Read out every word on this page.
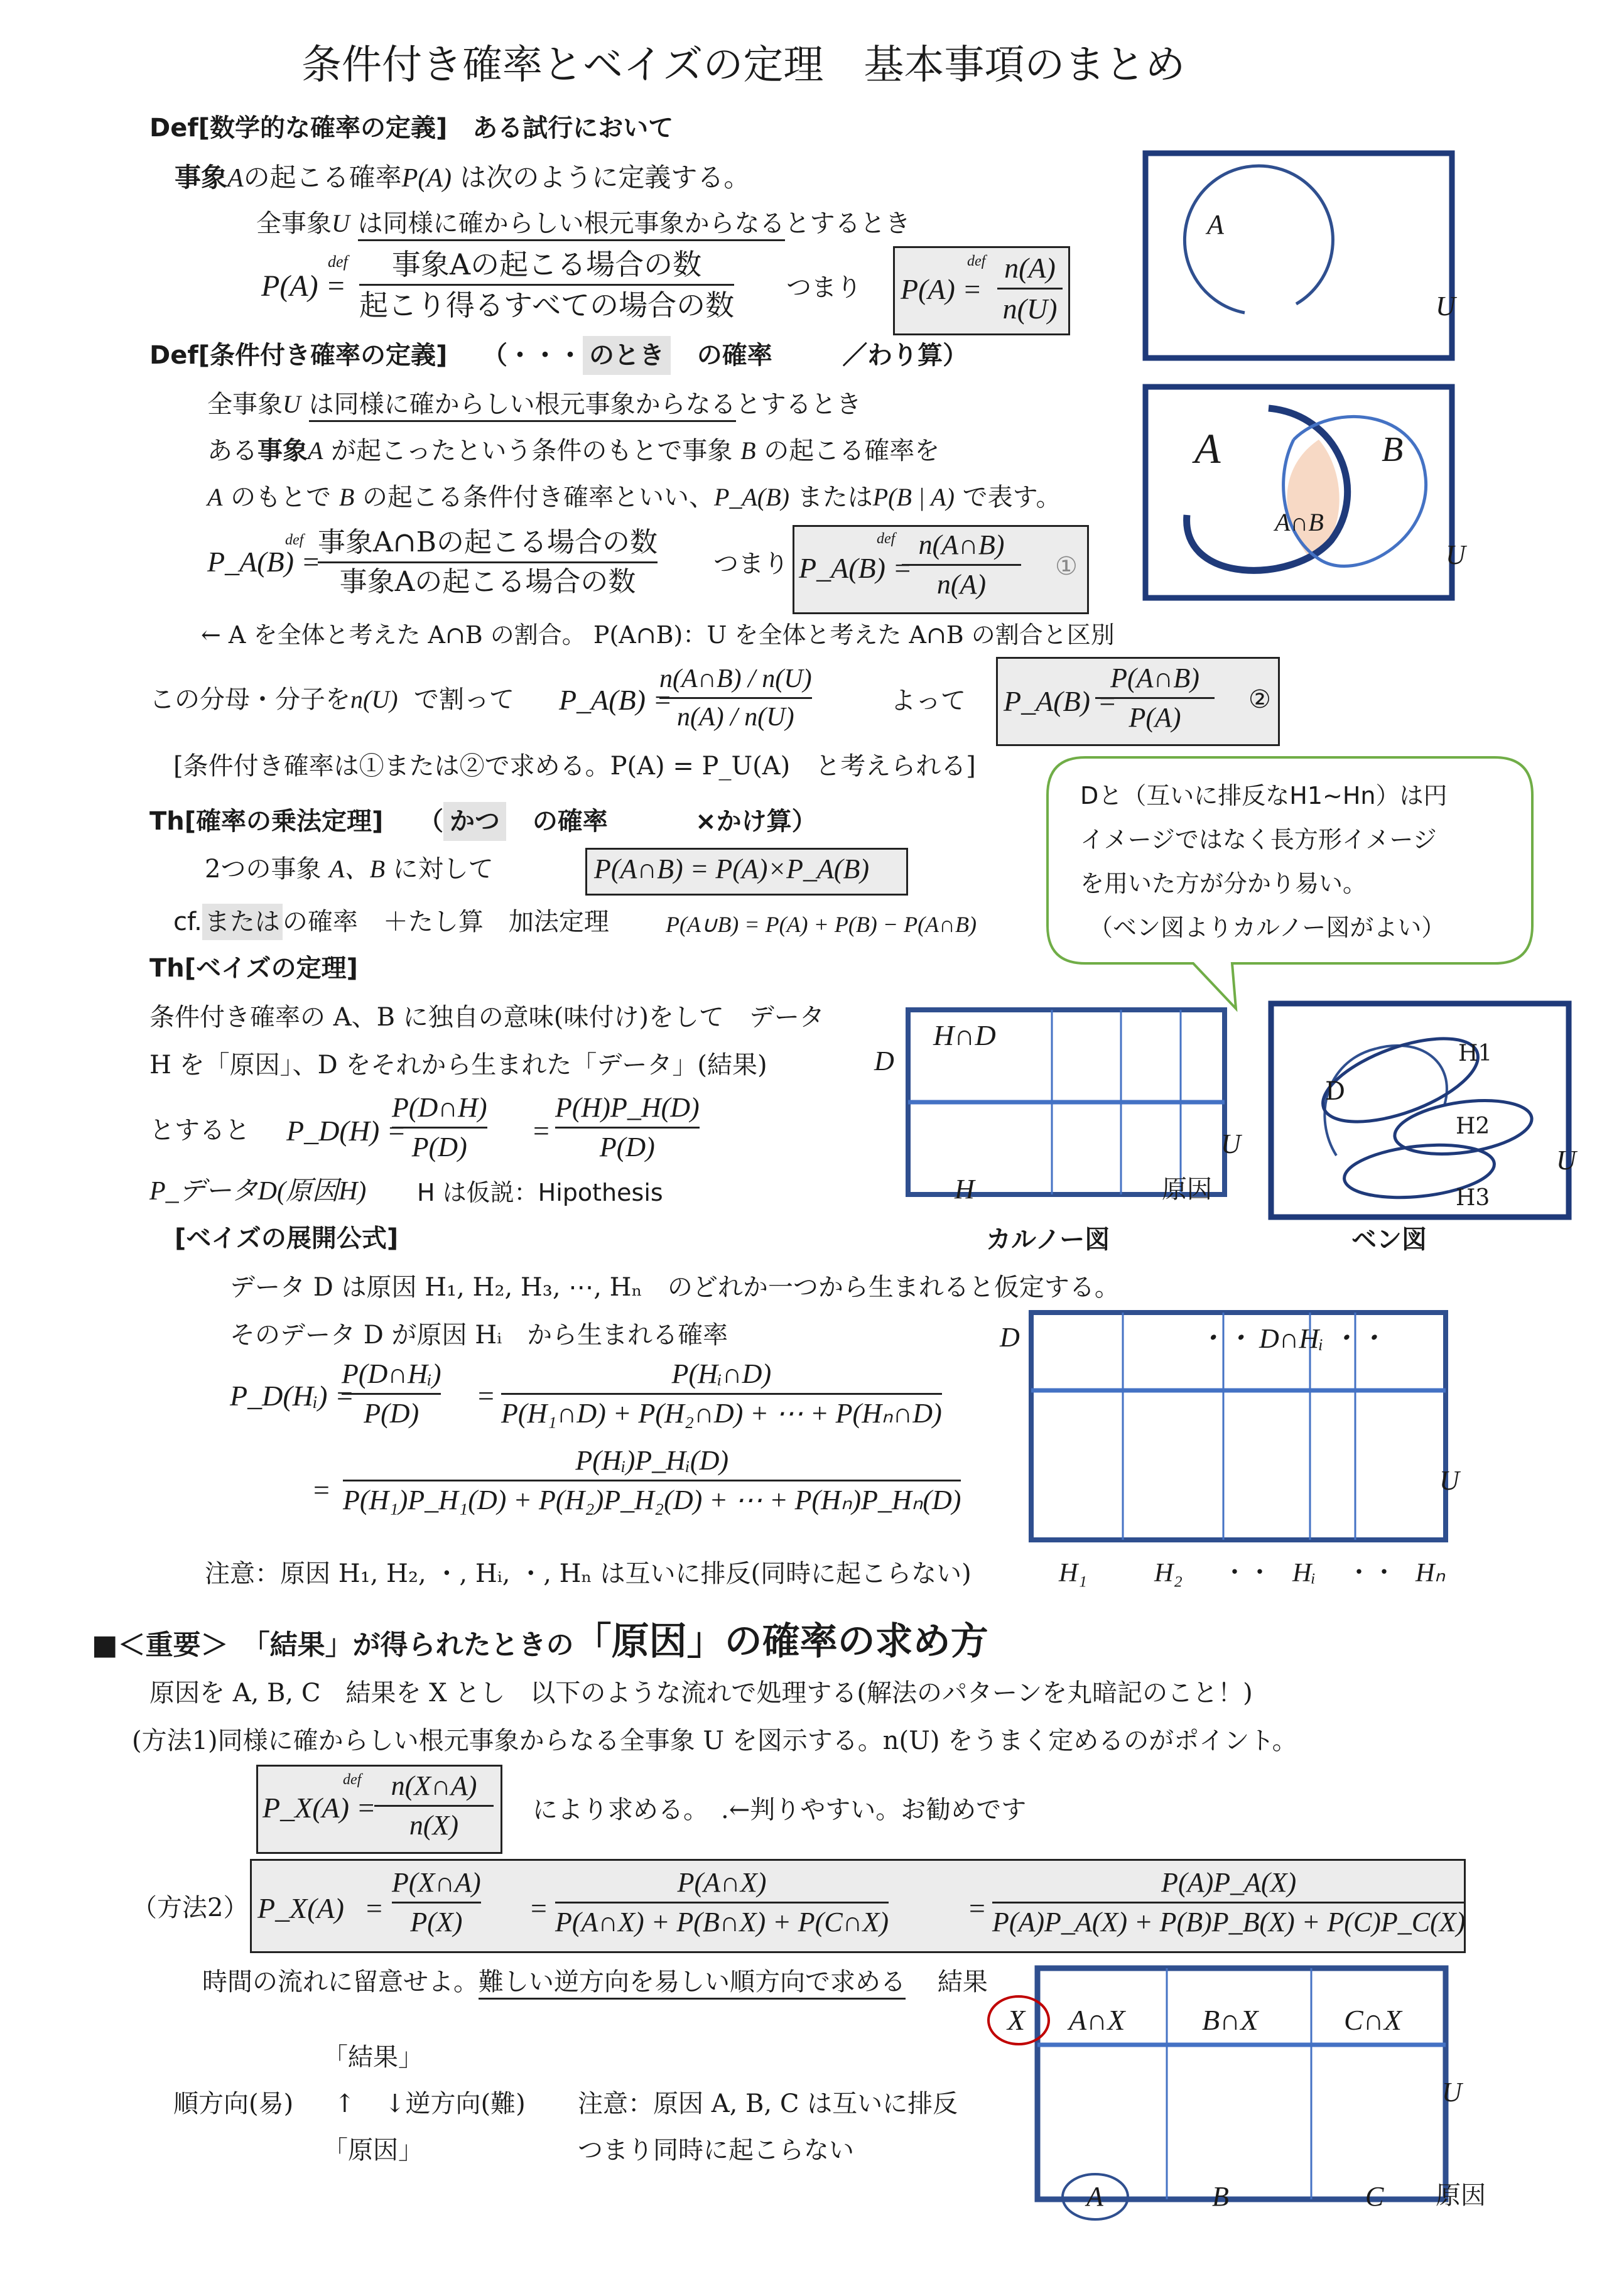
条件付き確率とベイズの定理　基本事項のまとめ
Def[数学的な確率の定義]　ある試行において
事象Aの起こる確率P(A) は次のように定義する。
全事象U は同様に確からしい根元事象からなるとするとき
P(A) =
def	事象Aの起こる場合の数
起こり得るすべての場合の数
つまり P(A) =
def n(A)
n(U)
A
U
Def[条件付き確率の定義] （・・・ のとき の確率	／わり算）
全事象U は同様に確からしい根元事象からなるとするとき
ある事象A が起こったという条件のもとで事象 B の起こる確率を
A のもとで B の起こる条件付き確率といい、P_A(B) またはP(B | A) で表す。
P_A(B) =
def 事象A∩Bの起こる場合の数
事象Aの起こる場合の数
つまり P_A(B) =
def n(A∩B)
n(A)
①
A	B
A∩B
U
← A を全体と考えた A∩B の割合。 P(A∩B)：U を全体と考えた A∩B の割合と区別
この分母・分子をn(U) で割って P_A(B) =
n(A∩B) / n(U)
n(A) / n(U)
よって P_A(B) =
P(A∩B)
P(A)
②
[条件付き確率は①または②で求める。P(A) = P_U(A)　と考えられる]
Dと（互いに排反なH1~Hn）は円
イメージではなく長方形イメージ
を用いた方が分かり易い。
（ベン図よりカルノー図がよい）
Th[確率の乗法定理] （ かつ の確率	×かけ算）
2つの事象 A、B に対して	P(A∩B) = P(A)×P_A(B)
cf. または の確率　＋たし算　加法定理	P(A∪B) = P(A) + P(B) − P(A∩B)
Th[ベイズの定理]
条件付き確率の A、B に独自の意味(味付け)をして　データ
H を「原因」、D をそれから生まれた「データ」(結果)
とすると P_D(H) =
P(D∩H)
P(D)
=
P(H)P_H(D)
P(D)
P_データD(原因H) H は仮説：Hipothesis
D
H∩D
U
H	原因
カルノー図
D
H1
H2
H3
U
ベン図
[ベイズの展開公式]
データ D は原因 H₁, H₂, H₃, ⋯, Hₙ　のどれか一つから生まれると仮定する。
そのデータ D が原因 Hᵢ　から生まれる確率
P_D(Hᵢ) =
P(D∩Hᵢ)
P(D)
=
P(Hᵢ∩D)
P(H₁∩D) + P(H₂∩D) + ⋯ + P(Hₙ∩D)
=
P(Hᵢ)P_Hᵢ(D)
P(H₁)P_H₁(D) + P(H₂)P_H₂(D) + ⋯ + P(Hₙ)P_Hₙ(D)
注意：原因 H₁, H₂, ・, Hᵢ, ・, Hₙ は互いに排反(同時に起こらない)
D	・・ D∩Hᵢ ・・
U
H₁	H₂ ・・ Hᵢ ・・ Hₙ
■＜重要＞　「結果」が得られたときの「原因」の確率の求め方
原因を A, B, C　結果を X とし　以下のような流れで処理する(解法のパターンを丸暗記のこと！)
(方法1)同様に確からしい根元事象からなる全事象 U を図示する。n(U) をうまく定めるのがポイント。
P_X(A) =
def	n(X∩A)
n(X)	により求める。　.←判りやすい。お勧めです
（方法2） P_X(A) =
P(X∩A)
P(X)	=
P(A∩X)
P(A∩X) + P(B∩X) + P(C∩X)	=
P(A)P_A(X)
P(A)P_A(X) + P(B)P_B(X) + P(C)P_C(X)
時間の流れに留意せよ。難しい逆方向を易しい順方向で求める 結果
「結果」
順方向(易) ↑ ↓逆方向(難)
「原因」
注意：原因 A, B, C は互いに排反
つまり同時に起こらない
X A∩X	B∩X	C∩X
U
A	B	C 原因
